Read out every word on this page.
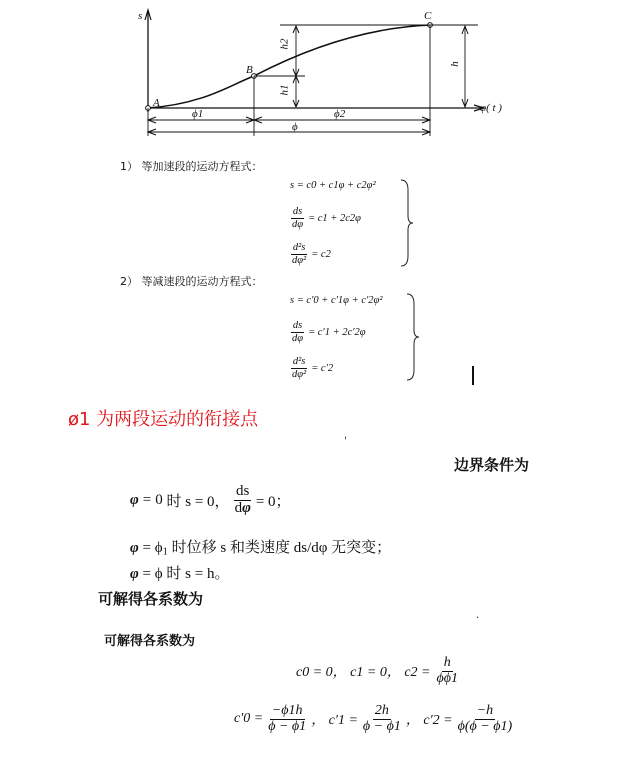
s
φ( t )
A
B
C
ϕ1	ϕ2
ϕ
h2
h1
h
1） 等加速段的运动方程式：
s = c0 + c1φ + c2φ²
$\frac{ds}{d\varphi} = c1 + 2c2\varphi$
$\frac{\text{d²s}}{\text{dφ²}} = c2$
2） 等减速段的运动方程式：
s = c′0 + c′1φ + c′2φ²
$\frac{ds}{d\varphi} = c'1 + 2c'2\varphi$
$\frac{\text{d²s}}{\text{dφ²}} = c'2$
ø1 为两段运动的衔接点
'
边界条件为
φ = 0 时 s = 0， $\frac{ds}{d\varphi} = 0$；
$\varphi = \phi_1$ 时位移 s 和类速度 ds/dφ 无突变；
φ = ϕ 时 s = h。
可解得各系数为
.
可解得各系数为
c0 = 0， c1 = 0， $c2 = \frac{h}{\phi\phi 1}$
$c'0 = \frac{-\phi 1h}{\phi - \phi 1}$ ， $c'1 = \frac{2h}{\phi - \phi 1}$ ， $c'2 = \frac{-h}{\phi(\phi - \phi 1)}$
